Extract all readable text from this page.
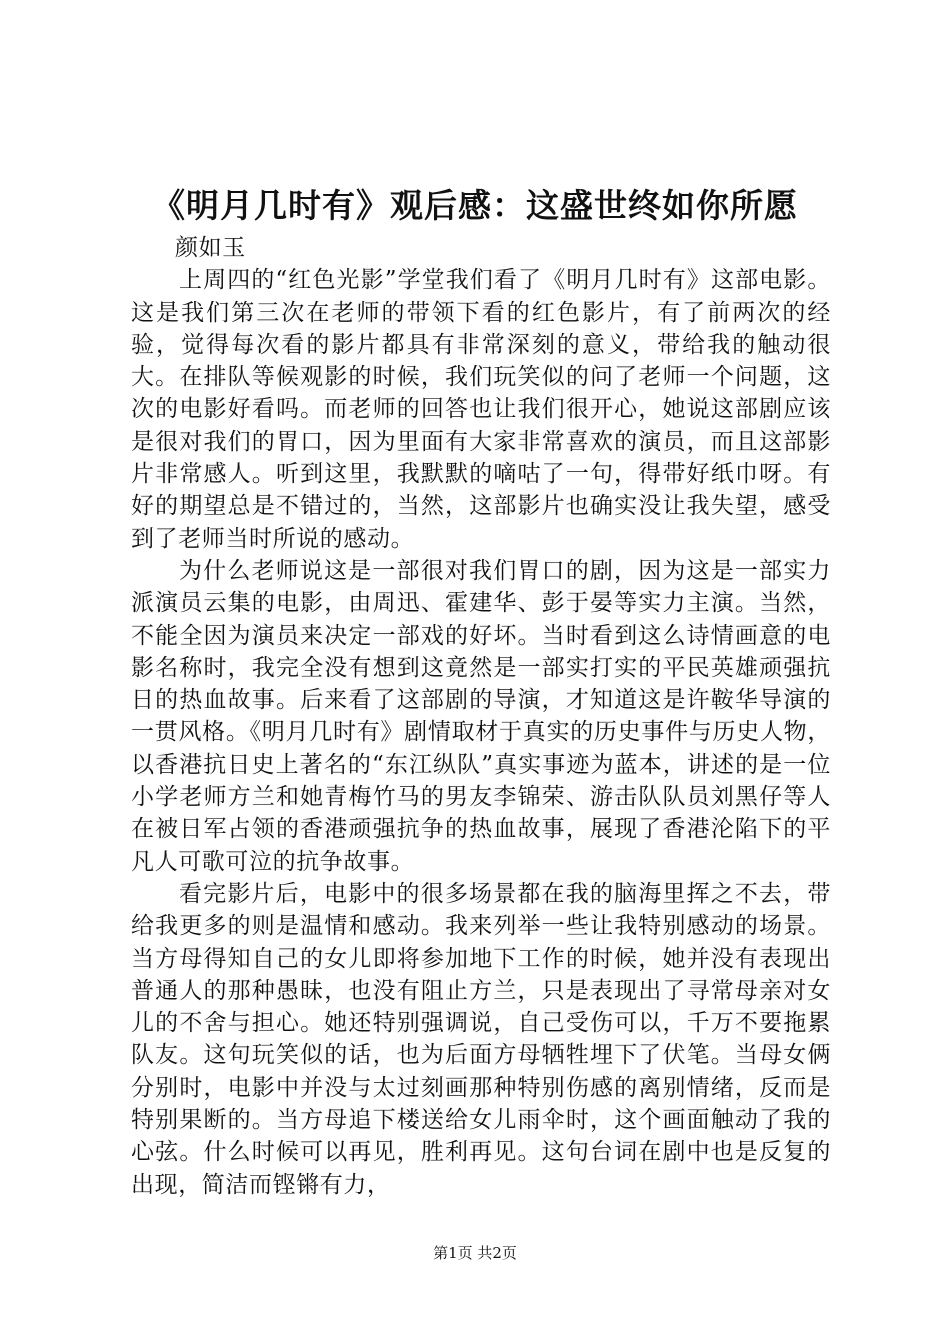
《明月几时有》观后感：这盛世终如你所愿

颜如玉

上周四的“红色光影”学堂我们看了《明月几时有》这部电影。这是我们第三次在老师的带领下看的红色影片，有了前两次的经验，觉得每次看的影片都具有非常深刻的意义，带给我的触动很大。在排队等候观影的时候，我们玩笑似的问了老师一个问题，这次的电影好看吗。而老师的回答也让我们很开心，她说这部剧应该是很对我们的胃口，因为里面有大家非常喜欢的演员，而且这部影片非常感人。听到这里，我默默的嘀咕了一句，得带好纸巾呀。有好的期望总是不错过的，当然，这部影片也确实没让我失望，感受到了老师当时所说的感动。

为什么老师说这是一部很对我们胃口的剧，因为这是一部实力派演员云集的电影，由周迅、霍建华、彭于晏等实力主演。当然，不能全因为演员来决定一部戏的好坏。当时看到这么诗情画意的电影名称时，我完全没有想到这竟然是一部实打实的平民英雄顽强抗日的热血故事。后来看了这部剧的导演，才知道这是许鞍华导演的一贯风格。《明月几时有》剧情取材于真实的历史事件与历史人物，以香港抗日史上著名的“东江纵队”真实事迹为蓝本，讲述的是一位小学老师方兰和她青梅竹马的男友李锦荣、游击队队员刘黑仔等人在被日军占领的香港顽强抗争的热血故事，展现了香港沦陷下的平凡人可歌可泣的抗争故事。

看完影片后，电影中的很多场景都在我的脑海里挥之不去，带给我更多的则是温情和感动。我来列举一些让我特别感动的场景。当方母得知自己的女儿即将参加地下工作的时候，她并没有表现出普通人的那种愚昧，也没有阻止方兰，只是表现出了寻常母亲对女儿的不舍与担心。她还特别强调说，自己受伤可以，千万不要拖累队友。这句玩笑似的话，也为后面方母牺牲埋下了伏笔。当母女俩分别时，电影中并没与太过刻画那种特别伤感的离别情绪，反而是特别果断的。当方母追下楼送给女儿雨伞时，这个画面触动了我的心弦。什么时候可以再见，胜利再见。这句台词在剧中也是反复的出现，简洁而铿锵有力，

第1页 共2页
